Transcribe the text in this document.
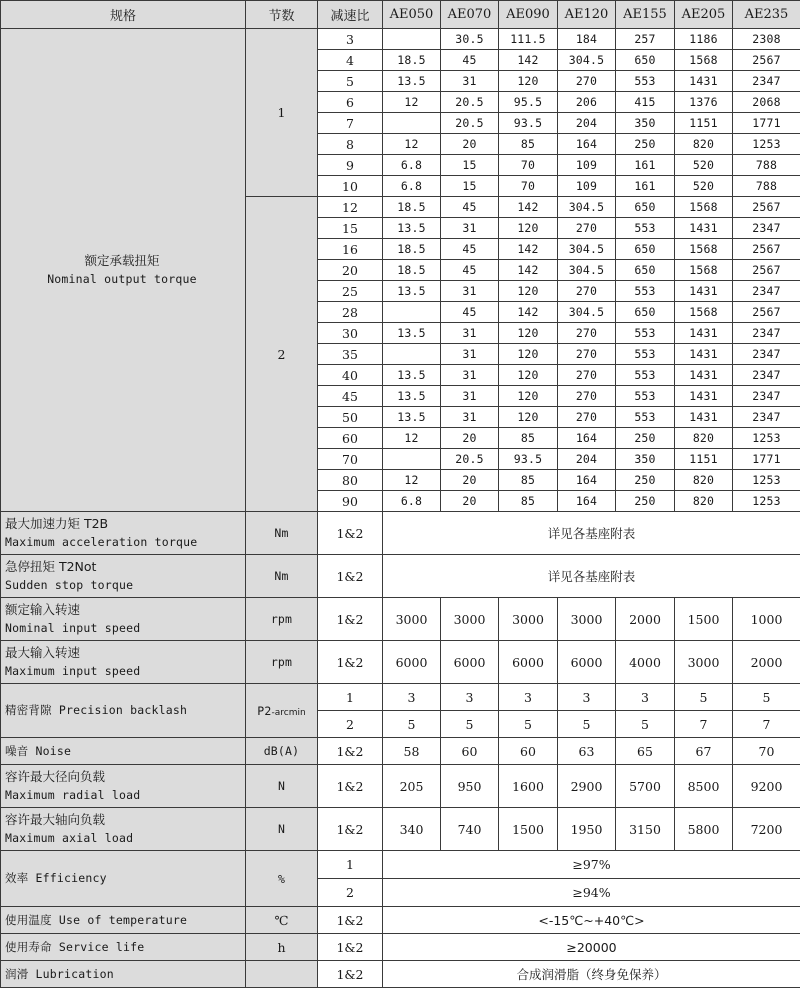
规格	节数	减速比	AE050	AE070	AE090	AE120	AE155	AE205	AE235

额定承载扭矩
Nominal output torque	1	3		30.5	111.5	184	257	1186	2308
		4	18.5	45	142	304.5	650	1568	2567
		5	13.5	31	120	270	553	1431	2347
		6	12	20.5	95.5	206	415	1376	2068
		7		20.5	93.5	204	350	1151	1771
		8	12	20	85	164	250	820	1253
		9	6.8	15	70	109	161	520	788
		10	6.8	15	70	109	161	520	788
	2	12	18.5	45	142	304.5	650	1568	2567
		15	13.5	31	120	270	553	1431	2347
		16	18.5	45	142	304.5	650	1568	2567
		20	18.5	45	142	304.5	650	1568	2567
		25	13.5	31	120	270	553	1431	2347
		28		45	142	304.5	650	1568	2567
		30	13.5	31	120	270	553	1431	2347
		35		31	120	270	553	1431	2347
		40	13.5	31	120	270	553	1431	2347
		45	13.5	31	120	270	553	1431	2347
		50	13.5	31	120	270	553	1431	2347
		60	12	20	85	164	250	820	1253
		70		20.5	93.5	204	350	1151	1771
		80	12	20	85	164	250	820	1253
		90	6.8	20	85	164	250	820	1253

最大加速力矩 T2B
Maximum acceleration torque	Nm	1&2	详见各基座附表						

急停扭矩 T2Not
Sudden stop torque	Nm	1&2	详见各基座附表						

额定输入转速
Nominal input speed	rpm	1&2	3000	3000	3000	3000	2000	1500	1000

最大输入转速
Maximum input speed	rpm	1&2	6000	6000	6000	6000	4000	3000	2000
精密背隙 Precision backlash	P2-arcmin	1	3	3	3	3	3	5	5
		2	5	5	5	5	5	7	7
噪音 Noise	dB(A)	1&2	58	60	60	63	65	67	70

容许最大径向负载
Maximum radial load	N	1&2	205	950	1600	2900	5700	8500	9200

容许最大轴向负载
Maximum axial load	N	1&2	340	740	1500	1950	3150	5800	7200
效率 Efficiency	%	1	≥97%						
		2	≥94%						
使用温度 Use of temperature	℃	1&2	<-15℃~+40℃>						
使用寿命 Service life	h	1&2	≥20000						
润滑 Lubrication		1&2	合成润滑脂（终身免保养）						
